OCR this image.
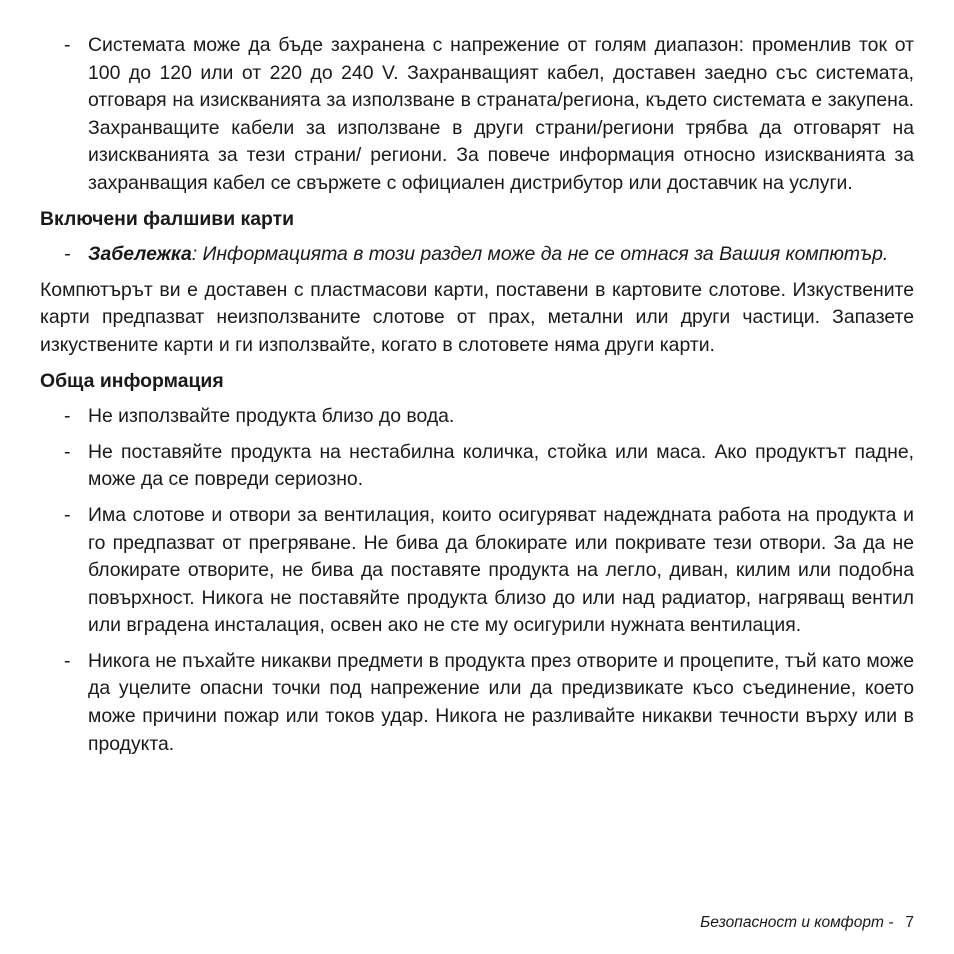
- Системата може да бъде захранена с напрежение от голям диапазон: променлив ток от 100 до 120 или от 220 до 240 V. Захранващият кабел, доставен заедно със системата, отговаря на изискванията за използване в страната/региона, където системата е закупена. Захранващите кабели за използване в други страни/региони трябва да отговарят на изискванията за тези страни/ региони. За повече информация относно изискванията за захранващия кабел се свържете с официален дистрибутор или доставчик на услуги.
Включени фалшиви карти
- Забележка: Информацията в този раздел може да не се отнася за Вашия компютър.
Компютърът ви е доставен с пластмасови карти, поставени в картовите слотове. Изкуствените карти предпазват неизползваните слотове от прах, метални или други частици. Запазете изкуствените карти и ги използвайте, когато в слотовете няма други карти.
Обща информация
- Не използвайте продукта близо до вода.
- Не поставяйте продукта на нестабилна количка, стойка или маса. Ако продуктът падне, може да се повреди сериозно.
- Има слотове и отвори за вентилация, които осигуряват надеждната работа на продукта и го предпазват от прегряване. Не бива да блокирате или покривате тези отвори. За да не блокирате отворите, не бива да поставяте продукта на легло, диван, килим или подобна повърхност. Никога не поставяйте продукта близо до или над радиатор, нагряващ вентил или вградена инсталация, освен ако не сте му осигурили нужната вентилация.
- Никога не пъхайте никакви предмети в продукта през отворите и процепите, тъй като може да уцелите опасни точки под напрежение или да предизвикате късо съединение, което може причини пожар или токов удар. Никога не разливайте никакви течности върху или в продукта.
Безопасност и комфорт - 7
